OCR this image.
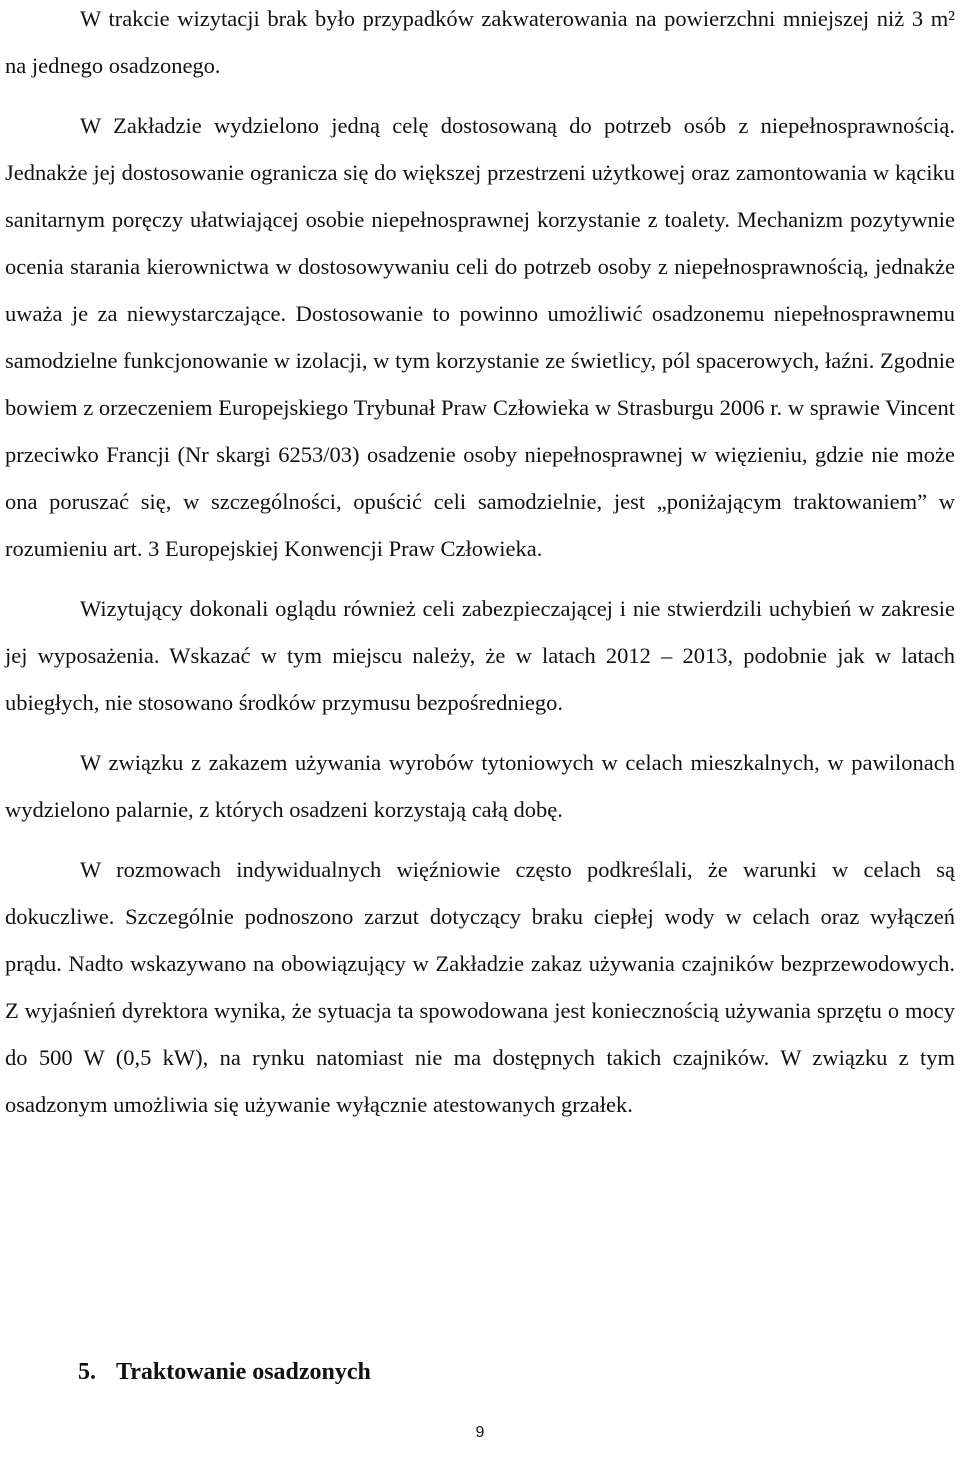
W trakcie wizytacji brak było przypadków zakwaterowania na powierzchni mniejszej niż 3 m² na jednego osadzonego.

W Zakładzie wydzielono jedną celę dostosowaną do potrzeb osób z niepełnosprawnością. Jednakże jej dostosowanie ogranicza się do większej przestrzeni użytkowej oraz zamontowania w kąciku sanitarnym poręczy ułatwiającej osobie niepełnosprawnej korzystanie z toalety. Mechanizm pozytywnie ocenia starania kierownictwa w dostosowywaniu celi do potrzeb osoby z niepełnosprawnością, jednakże uważa je za niewystarczające. Dostosowanie to powinno umożliwić osadzonemu niepełnosprawnemu samodzielne funkcjonowanie w izolacji, w tym korzystanie ze świetlicy, pól spacerowych, łaźni. Zgodnie bowiem z orzeczeniem Europejskiego Trybunał Praw Człowieka w Strasburgu 2006 r. w sprawie Vincent przeciwko Francji (Nr skargi 6253/03) osadzenie osoby niepełnosprawnej w więzieniu, gdzie nie może ona poruszać się, w szczególności, opuścić celi samodzielnie, jest „poniżającym traktowaniem” w rozumieniu art. 3 Europejskiej Konwencji Praw Człowieka.

Wizytujący dokonali oglądu również celi zabezpieczającej i nie stwierdzili uchybień w zakresie jej wyposażenia. Wskazać w tym miejscu należy, że w latach 2012 – 2013, podobnie jak w latach ubiegłych, nie stosowano środków przymusu bezpośredniego.

W związku z zakazem używania wyrobów tytoniowych w celach mieszkalnych, w pawilonach wydzielono palarnie, z których osadzeni korzystają całą dobę.

W rozmowach indywidualnych więźniowie często podkreślali, że warunki w celach są dokuczliwe. Szczególnie podnoszono zarzut dotyczący braku ciepłej wody w celach oraz wyłączeń prądu. Nadto wskazywano na obowiązujący w Zakładzie zakaz używania czajników bezprzewodowych. Z wyjaśnień dyrektora wynika, że sytuacja ta spowodowana jest koniecznością używania sprzętu o mocy do 500 W (0,5 kW), na rynku natomiast nie ma dostępnych takich czajników. W związku z tym osadzonym umożliwia się używanie wyłącznie atestowanych grzałek.

5. Traktowanie osadzonych
9
